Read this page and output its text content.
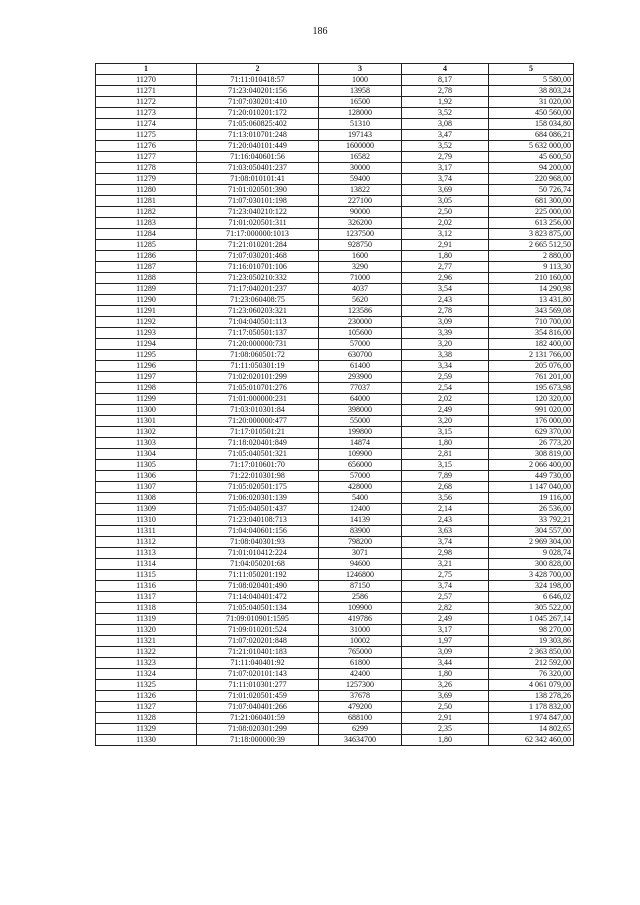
186
1	2	3	4	5
11270	71:11:010418:57	1000	8,17	5 580,00
11271	71:23:040201:156	13958	2,78	38 803,24
11272	71:07:030201:410	16500	1,92	31 020,00
11273	71:20:010201:172	128000	3,52	450 560,00
11274	71:05:060825:402	51310	3,08	158 034,80
11275	71:13:010701:248	197143	3,47	684 086,21
11276	71:20:040101:449	1600000	3,52	5 632 000,00
11277	71:16:040601:56	16582	2,79	45 600,50
11278	71:03:050401:237	30000	3,17	94 200,00
11279	71:08:010101:41	59400	3,74	220 968,00
11280	71:01:020501:390	13822	3,69	50 726,74
11281	71:07:030101:198	227100	3,05	681 300,00
11282	71:23:040210:122	90000	2,50	225 000,00
11283	71:01:020501:311	326200	2,02	613 256,00
11284	71:17:000000:1013	1237500	3,12	3 823 875,00
11285	71:21:010201:284	928750	2,91	2 665 512,50
11286	71:07:030201:468	1600	1,80	2 880,00
11287	71:16:010701:106	3290	2,77	9 113,30
11288	71:23:050210:332	71000	2,96	210 160,00
11289	71:17:040201:237	4037	3,54	14 290,98
11290	71:23:060408:75	5620	2,43	13 431,80
11291	71:23:060203:321	123586	2,78	343 569,08
11292	71:04:040501:113	230000	3,09	710 700,00
11293	71:17:050501:137	105600	3,39	354 816,00
11294	71:20:000000:731	57000	3,20	182 400,00
11295	71:08:060501:72	630700	3,38	2 131 766,00
11296	71:11:050301:19	61400	3,34	205 076,00
11297	71:02:020101:299	293900	2,59	761 201,00
11298	71:05:010701:276	77037	2,54	195 673,98
11299	71:01:000000:231	64000	2,02	120 320,00
11300	71:03:010301:84	398000	2,49	991 020,00
11301	71:20:000000:477	55000	3,20	176 000,00
11302	71:17:010501:21	199800	3,15	629 370,00
11303	71:18:020401:849	14874	1,80	26 773,20
11304	71:05:040501:321	109900	2,81	308 819,00
11305	71:17:010601:70	656000	3,15	2 066 400,00
11306	71:22:010301:98	57000	7,89	449 730,00
11307	71:05:020501:175	428000	2,68	1 147 040,00
11308	71:06:020301:139	5400	3,56	19 116,00
11309	71:05:040501:437	12400	2,14	26 536,00
11310	71:23:040108:713	14139	2,43	33 792,21
11311	71:04:040601:156	83900	3,63	304 557,00
11312	71:08:040301:93	798200	3,74	2 969 304,00
11313	71:01:010412:224	3071	2,98	9 028,74
11314	71:04:050201:68	94600	3,21	300 828,00
11315	71:11:050201:192	1246800	2,75	3 428 700,00
11316	71:08:020401:490	87150	3,74	324 198,00
11317	71:14:040401:472	2586	2,57	6 646,02
11318	71:05:040501:134	109900	2,82	305 522,00
11319	71:09:010901:1595	419786	2,49	1 045 267,14
11320	71:09:010201:524	31000	3,17	98 270,00
11321	71:07:020201:848	10002	1,97	19 303,86
11322	71:21:010401:183	765000	3,09	2 363 850,00
11323	71:11:040401:92	61800	3,44	212 592,00
11324	71:07:020101:143	42400	1,80	76 320,00
11325	71:11:010301:277	1257300	3,26	4 061 079,00
11326	71:01:020501:459	37678	3,69	138 278,26
11327	71:07:040401:266	479200	2,50	1 178 832,00
11328	71:21:060401:59	688100	2,91	1 974 847,00
11329	71:08:020301:299	6299	2,35	14 802,65
11330	71:18:000000:39	34634700	1,80	62 342 460,00
